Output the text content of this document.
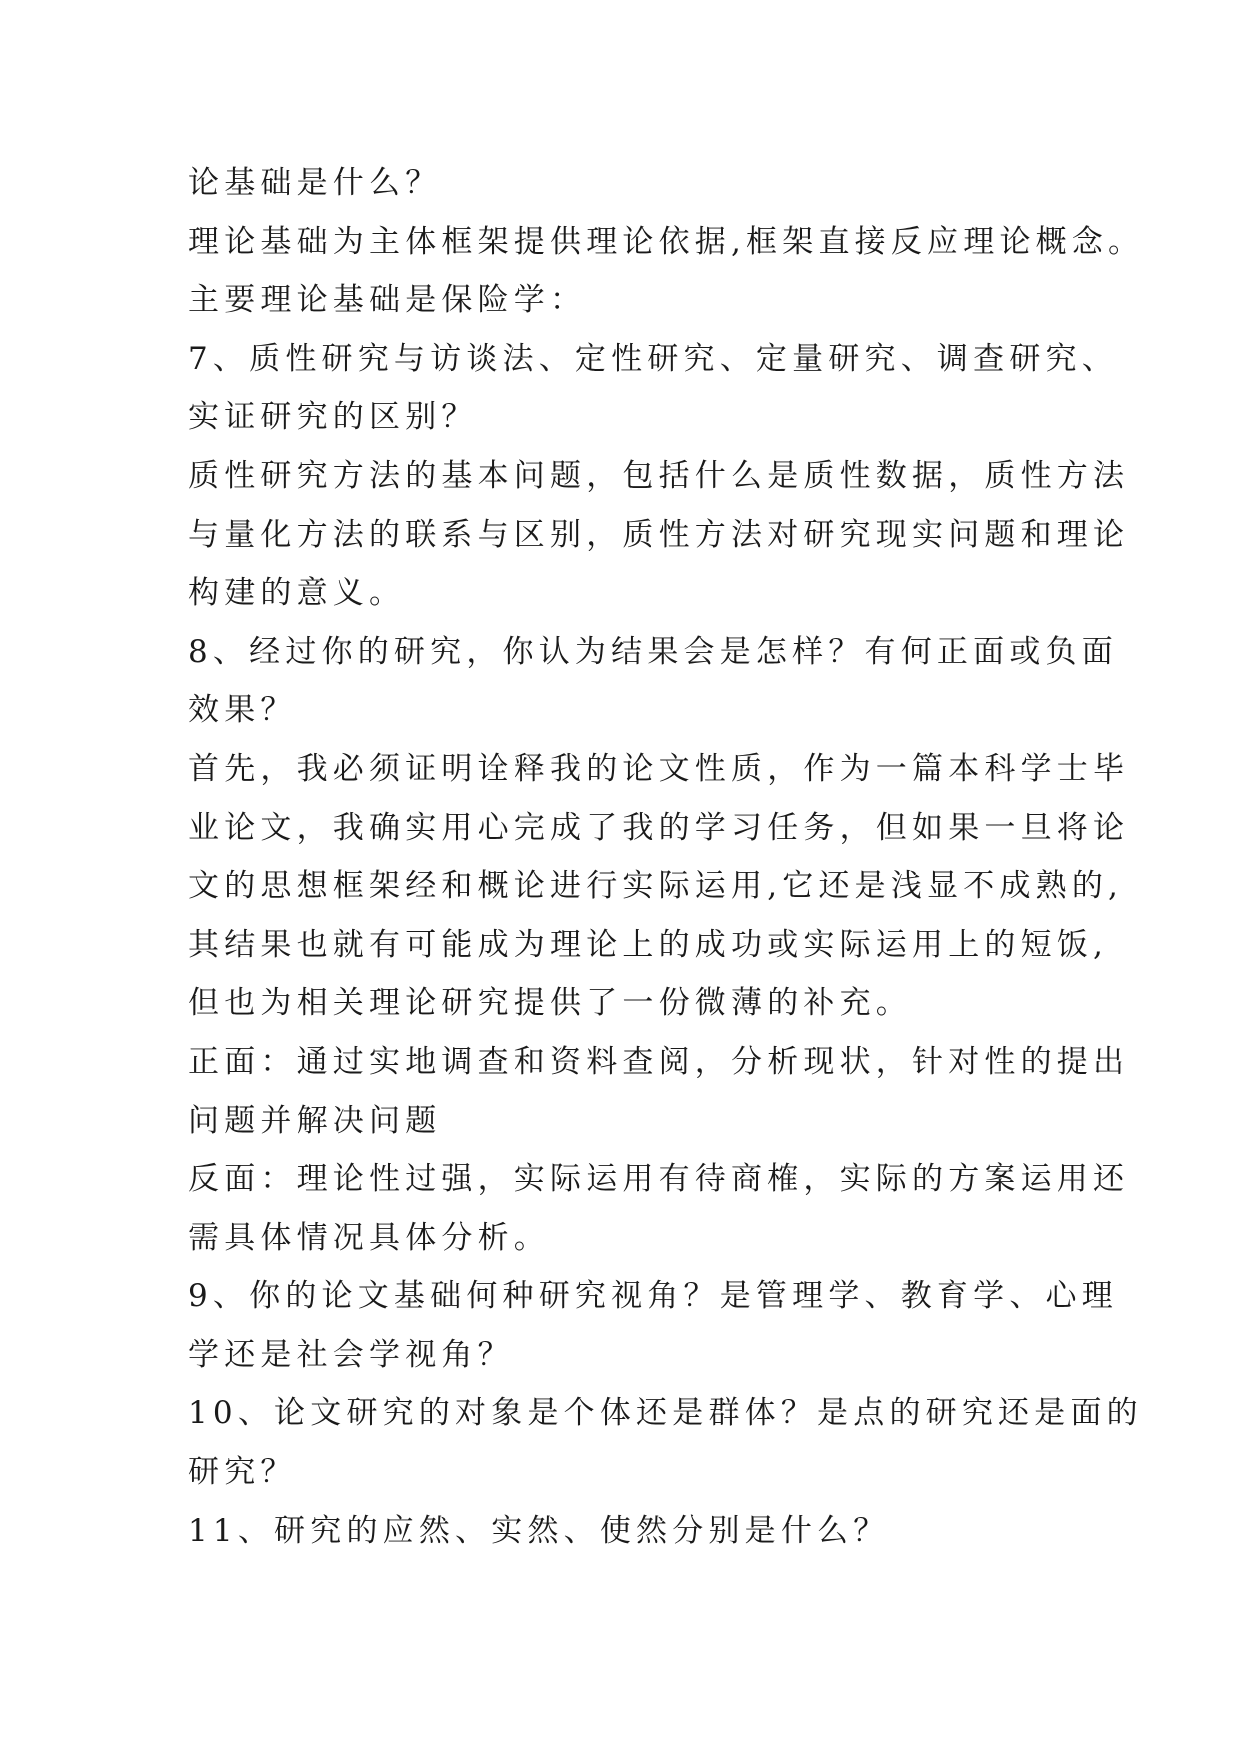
论基础是什么？
理论基础为主体框架提供理论依据,框架直接反应理论概念。
主要理论基础是保险学：
7、质性研究与访谈法、定性研究、定量研究、调查研究、
实证研究的区别？
质性研究方法的基本问题，包括什么是质性数据，质性方法
与量化方法的联系与区别，质性方法对研究现实问题和理论
构建的意义。
8、经过你的研究，你认为结果会是怎样？有何正面或负面
效果？
首先，我必须证明诠释我的论文性质，作为一篇本科学士毕
业论文，我确实用心完成了我的学习任务，但如果一旦将论
文的思想框架经和概论进行实际运用,它还是浅显不成熟的,
其结果也就有可能成为理论上的成功或实际运用上的短饭,
但也为相关理论研究提供了一份微薄的补充。
正面：通过实地调查和资料查阅，分析现状，针对性的提出
问题并解决问题
反面：理论性过强，实际运用有待商榷，实际的方案运用还
需具体情况具体分析。
9、你的论文基础何种研究视角？是管理学、教育学、心理
学还是社会学视角？
10、论文研究的对象是个体还是群体？是点的研究还是面的
研究？
11、研究的应然、实然、使然分别是什么？
